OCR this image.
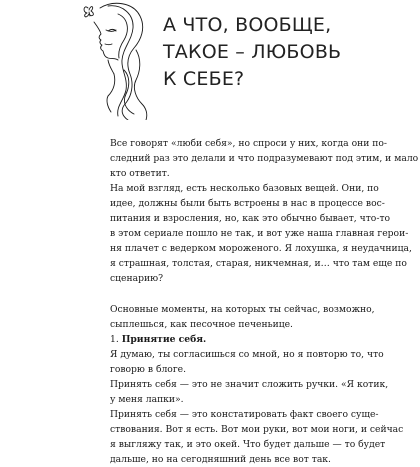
А ЧТО, ВООБЩЕ,
ТАКОЕ – ЛЮБОВЬ
К СЕБЕ?

Все говорят «люби себя», но спроси у них, когда они по-
следний раз это делали и что подразумевают под этим, и мало
кто ответит.

На мой взгляд, есть несколько базовых вещей. Они, по
идее, должны были быть встроены в нас в процессе вос-
питания и взросления, но, как это обычно бывает, что-то
в этом сериале пошло не так, и вот уже наша главная герои-
ня плачет с ведерком мороженого. Я лохушка, я неудачница,
я страшная, толстая, старая, никчемная, и… что там еще по
сценарию?

Основные моменты, на которых ты сейчас, возможно,
сыплешься, как песочное печеньице.

1. Принятие себя.

Я думаю, ты согласишься со мной, но я повторю то, что
говорю в блоге.

Принять себя — это не значит сложить ручки. «Я котик,
у меня лапки».

Принять себя — это констатировать факт своего суще-
ствования. Вот я есть. Вот мои руки, вот мои ноги, и сейчас
я выгляжу так, и это окей. Что будет дальше — то будет
дальше, но на сегодняшний день все вот так.
